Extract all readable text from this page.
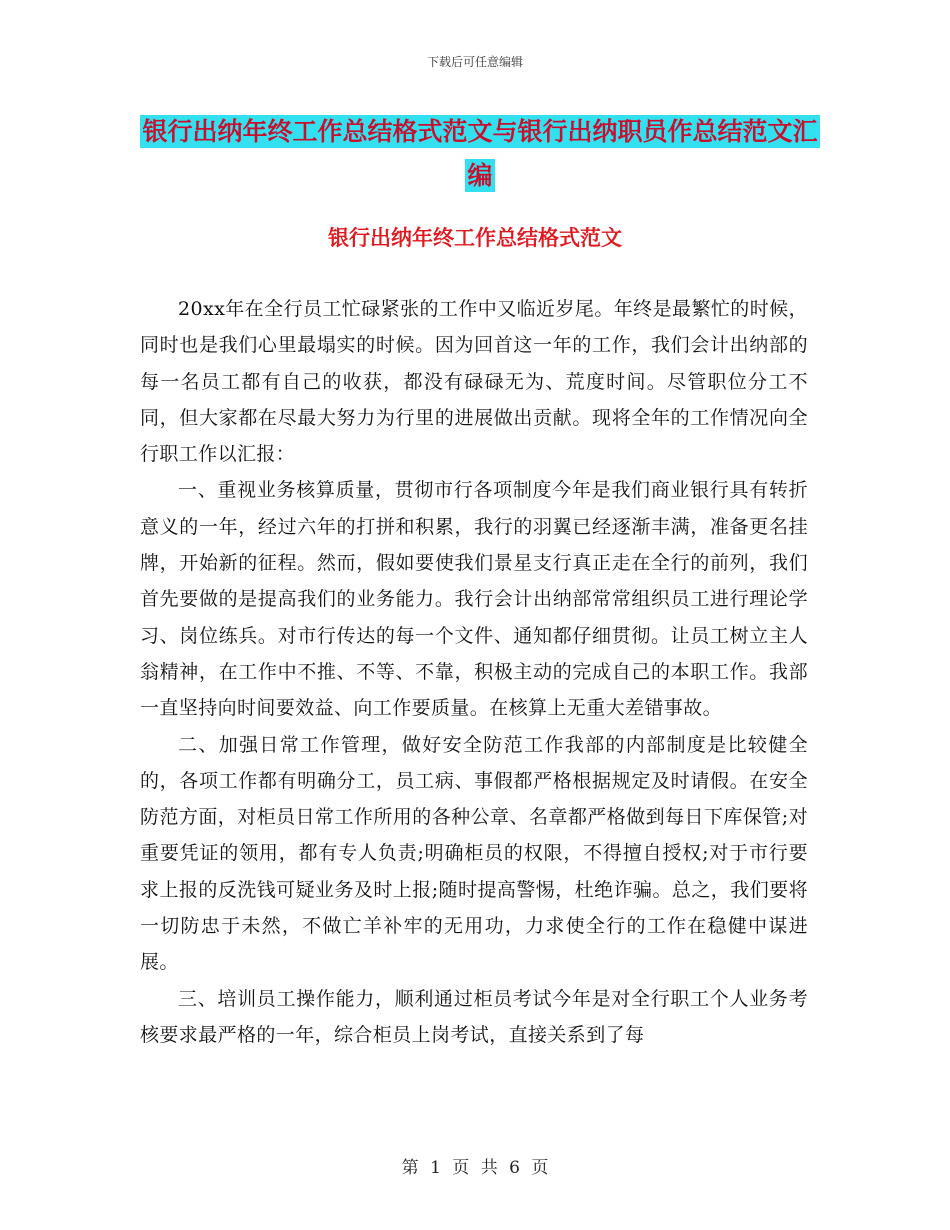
下载后可任意编辑
银行出纳年终工作总结格式范文与银行出纳职员作总结范文汇编
银行出纳年终工作总结格式范文

20xx年在全行员工忙碌紧张的工作中又临近岁尾。年终是最繁忙的时候，同时也是我们心里最塌实的时候。因为回首这一年的工作，我们会计出纳部的每一名员工都有自己的收获，都没有碌碌无为、荒度时间。尽管职位分工不同，但大家都在尽最大努力为行里的进展做出贡献。现将全年的工作情况向全行职工作以汇报：

一、重视业务核算质量，贯彻市行各项制度今年是我们商业银行具有转折意义的一年，经过六年的打拼和积累，我行的羽翼已经逐渐丰满，准备更名挂牌，开始新的征程。然而，假如要使我们景星支行真正走在全行的前列，我们首先要做的是提高我们的业务能力。我行会计出纳部常常组织员工进行理论学习、岗位练兵。对市行传达的每一个文件、通知都仔细贯彻。让员工树立主人翁精神，在工作中不推、不等、不靠，积极主动的完成自己的本职工作。我部一直坚持向时间要效益、向工作要质量。在核算上无重大差错事故。

二、加强日常工作管理，做好安全防范工作我部的内部制度是比较健全的，各项工作都有明确分工，员工病、事假都严格根据规定及时请假。在安全防范方面，对柜员日常工作所用的各种公章、名章都严格做到每日下库保管;对重要凭证的领用，都有专人负责;明确柜员的权限，不得擅自授权;对于市行要求上报的反洗钱可疑业务及时上报;随时提高警惕，杜绝诈骗。总之，我们要将一切防忠于未然，不做亡羊补牢的无用功，力求使全行的工作在稳健中谋进展。

三、培训员工操作能力，顺利通过柜员考试今年是对全行职工个人业务考核要求最严格的一年，综合柜员上岗考试，直接关系到了每

第 1 页 共 6 页
